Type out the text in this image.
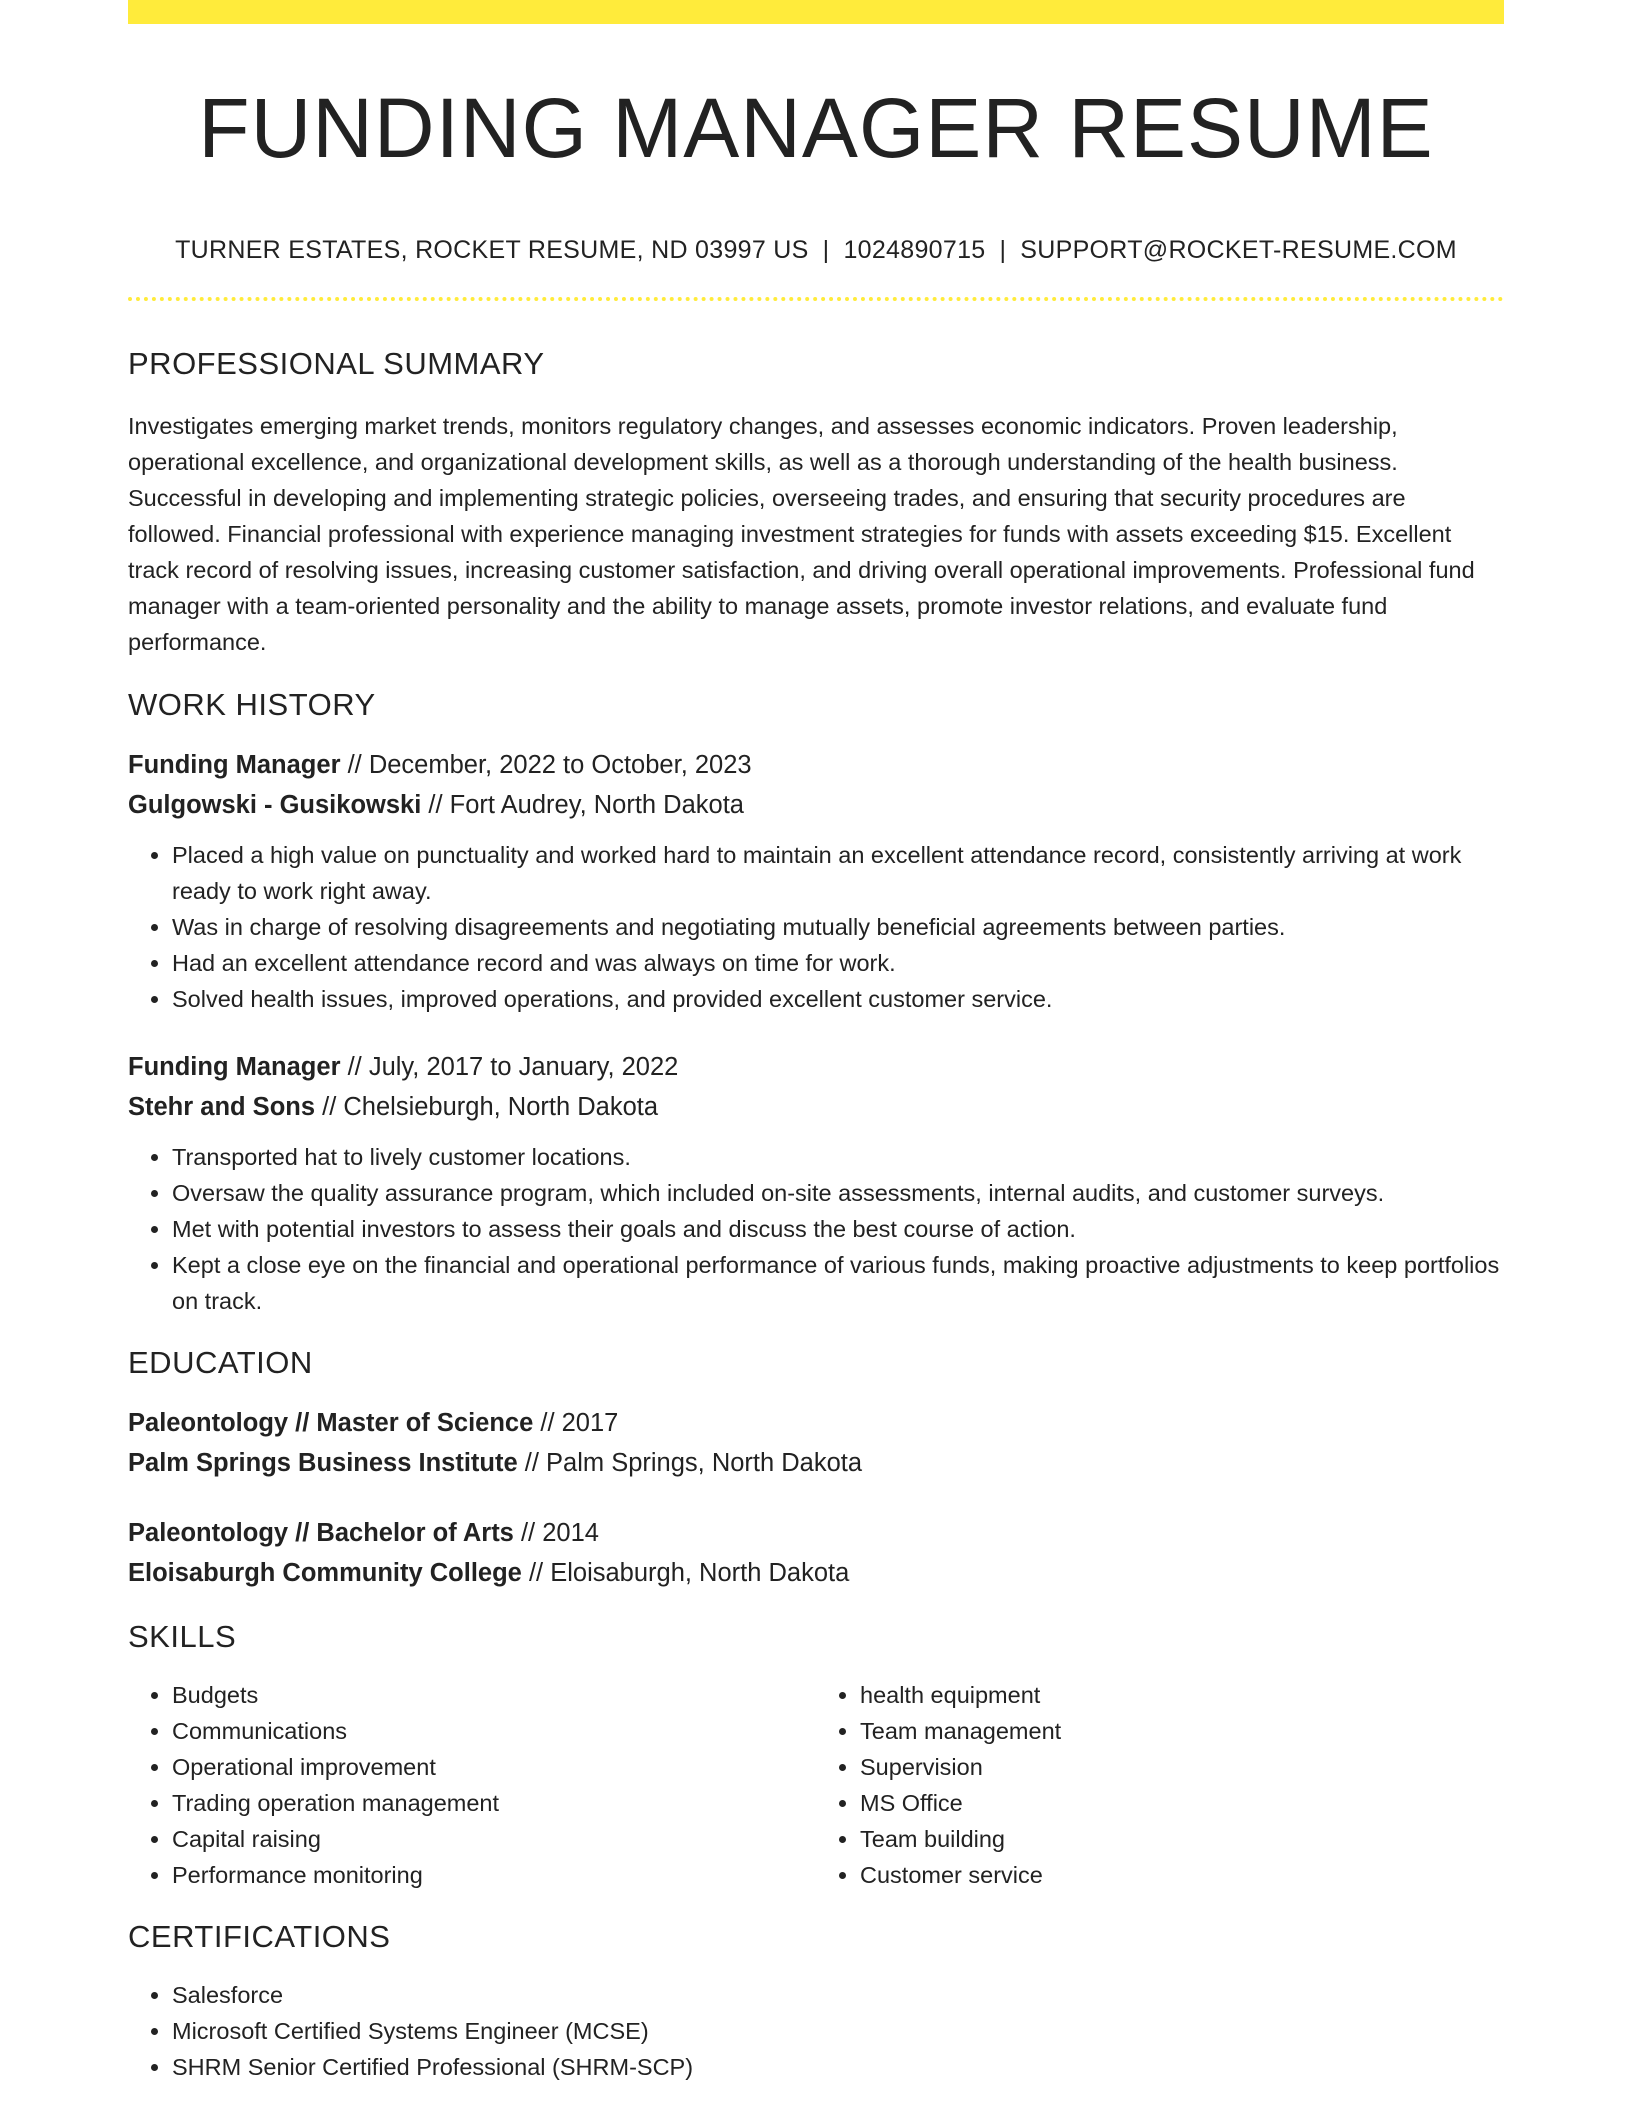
FUNDING MANAGER RESUME
TURNER ESTATES, ROCKET RESUME, ND 03997 US | 1024890715 | SUPPORT@ROCKET-RESUME.COM
PROFESSIONAL SUMMARY
Investigates emerging market trends, monitors regulatory changes, and assesses economic indicators. Proven leadership, operational excellence, and organizational development skills, as well as a thorough understanding of the health business. Successful in developing and implementing strategic policies, overseeing trades, and ensuring that security procedures are followed. Financial professional with experience managing investment strategies for funds with assets exceeding $15. Excellent track record of resolving issues, increasing customer satisfaction, and driving overall operational improvements. Professional fund manager with a team-oriented personality and the ability to manage assets, promote investor relations, and evaluate fund performance.
WORK HISTORY
Funding Manager // December, 2022 to October, 2023
Gulgowski - Gusikowski // Fort Audrey, North Dakota
• Placed a high value on punctuality and worked hard to maintain an excellent attendance record, consistently arriving at work ready to work right away.
• Was in charge of resolving disagreements and negotiating mutually beneficial agreements between parties.
• Had an excellent attendance record and was always on time for work.
• Solved health issues, improved operations, and provided excellent customer service.
Funding Manager // July, 2017 to January, 2022
Stehr and Sons // Chelsieburgh, North Dakota
• Transported hat to lively customer locations.
• Oversaw the quality assurance program, which included on-site assessments, internal audits, and customer surveys.
• Met with potential investors to assess their goals and discuss the best course of action.
• Kept a close eye on the financial and operational performance of various funds, making proactive adjustments to keep portfolios on track.
EDUCATION
Paleontology // Master of Science // 2017
Palm Springs Business Institute // Palm Springs, North Dakota
Paleontology // Bachelor of Arts // 2014
Eloisaburgh Community College // Eloisaburgh, North Dakota
SKILLS
• Budgets
• Communications
• Operational improvement
• Trading operation management
• Capital raising
• Performance monitoring
• health equipment
• Team management
• Supervision
• MS Office
• Team building
• Customer service
CERTIFICATIONS
• Salesforce
• Microsoft Certified Systems Engineer (MCSE)
• SHRM Senior Certified Professional (SHRM-SCP)
